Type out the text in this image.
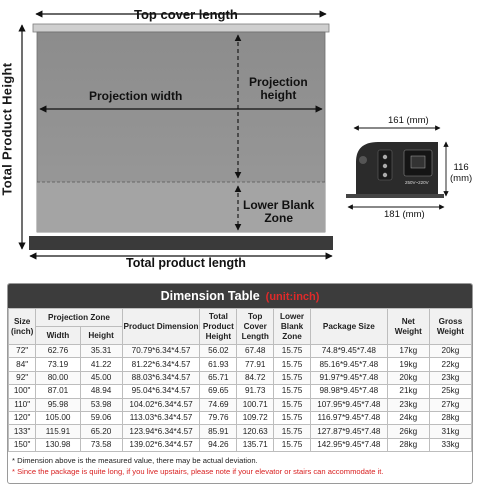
Top cover length
Total Product Height	Projection width
Projection
height
Lower Blank
Zone
Total product length
161 (mm)
116
(mm)
181 (mm)
250V~220V
Dimension Table (unit:inch)
Size (inch)	Projection Zone		Product Dimension	Total Product Height	Top Cover Length	Lower Blank Zone	Package Size	Net Weight	Gross Weight
	Width	Height							
72"	62.76	35.31	70.79*6.34*4.57	56.02	67.48	15.75	74.8*9.45*7.48	17kg	20kg
84"	73.19	41.22	81.22*6.34*4.57	61.93	77.91	15.75	85.16*9.45*7.48	19kg	22kg
92"	80.00	45.00	88.03*6.34*4.57	65.71	84.72	15.75	91.97*9.45*7.48	20kg	23kg
100"	87.01	48.94	95.04*6.34*4.57	69.65	91.73	15.75	98.98*9.45*7.48	21kg	25kg
110"	95.98	53.98	104.02*6.34*4.57	74.69	100.71	15.75	107.95*9.45*7.48	23kg	27kg
120"	105.00	59.06	113.03*6.34*4.57	79.76	109.72	15.75	116.97*9.45*7.48	24kg	28kg
133"	115.91	65.20	123.94*6.34*4.57	85.91	120.63	15.75	127.87*9.45*7.48	26kg	31kg
150"	130.98	73.58	139.02*6.34*4.57	94.26	135.71	15.75	142.95*9.45*7.48	28kg	33kg
* Dimension above is the measured value, there may be actual deviation.
* Since the package is quite long, if you live upstairs, please note if your elevator or stairs can accommodate it.
